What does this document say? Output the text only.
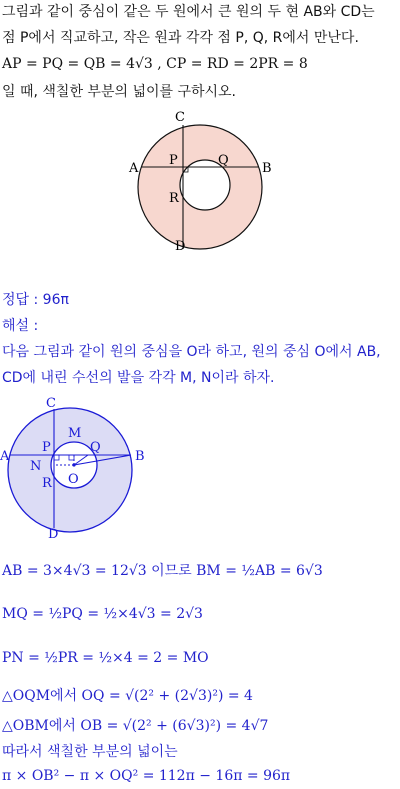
그림과 같이 중심이 같은 두 원에서 큰 원의 두 현 AB와 CD는
점 P에서 직교하고, 작은 원과 각각 점 P, Q, R에서 만난다.
AP = PQ = QB = 4√3 , CP = RD = 2PR = 8
일 때, 색칠한 부분의 넓이를 구하시오.
C
A	B
D
P	Q
R
정답 : 96π
해설 :
다음 그림과 같이 원의 중심을 O라 하고, 원의 중심 O에서 AB,
CD에 내린 수선의 발을 각각 M, N이라 하자.
C
A	B
D
M
P	Q
N
O
R
AB = 3×4√3 = 12√3 이므로 BM = ½AB = 6√3
MQ = ½PQ = ½×4√3 = 2√3
PN = ½PR = ½×4 = 2 = MO
△OQM에서 OQ = √(2² + (2√3)²) = 4
△OBM에서 OB = √(2² + (6√3)²) = 4√7
따라서 색칠한 부분의 넓이는
π × OB² − π × OQ² = 112π − 16π = 96π
